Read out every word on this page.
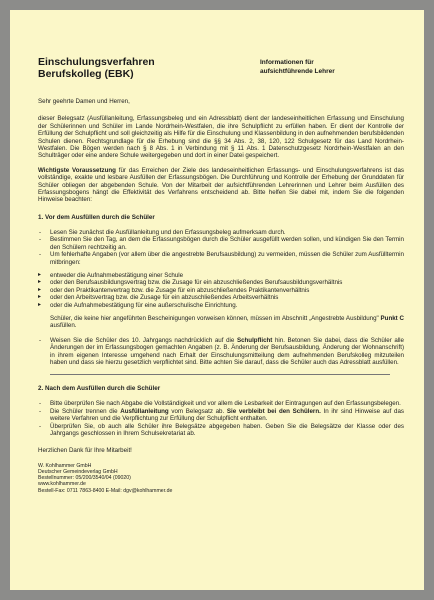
Einschulungsverfahren
Berufskolleg (EBK)
Informationen für
aufsichtführende Lehrer

Sehr geehrte Damen und Herren,

dieser Belegsatz (Ausfüllanleitung, Erfassungsbeleg und ein Adressblatt) dient der landeseinheitlichen Erfassung und Einschulung der Schülerinnen und Schüler im Lande Nordrhein-Westfalen, die ihre Schulpflicht zu erfüllen haben. Er dient der Kontrolle der Erfüllung der Schulpflicht und soll gleichzeitig als Hilfe für die Einschulung und Klassenbildung in den aufnehmenden berufsbildenden Schulen dienen. Rechtsgrundlage für die Erhebung sind die §§ 34 Abs. 2, 38, 120, 122 Schulgesetz für das Land Nordrhein-Westfalen. Die Bögen werden nach § 8 Abs. 1 in Verbindung mit § 11 Abs. 1 Datenschutzgesetz Nordrhein-Westfalen an den Schulträger oder eine andere Schule weitergegeben und dort in einer Datei gespeichert.

Wichtigste Voraussetzung für das Erreichen der Ziele des landeseinheitlichen Erfassungs- und Einschulungsverfahrens ist das vollständige, exakte und lesbare Ausfüllen der Erfassungsbögen. Die Durchführung und Kontrolle der Erhebung der Grunddaten für Schüler obliegen der abgebenden Schule. Von der Mitarbeit der aufsichtführenden Lehrerinnen und Lehrer beim Ausfüllen des Erfassungsbogens hängt die Effektivität des Verfahrens entscheidend ab. Bitte helfen Sie dabei mit, indem Sie die folgenden Hinweise beachten:

1. Vor dem Ausfüllen durch die Schüler
- Lesen Sie zunächst die Ausfüllanleitung und den Erfassungsbeleg aufmerksam durch.
- Bestimmen Sie den Tag, an dem die Erfassungsbögen durch die Schüler ausgefüllt werden sollen, und kündigen Sie den Termin den Schülern rechtzeitig an.
- Um fehlerhafte Angaben (vor allem über die angestrebte Berufsausbildung) zu vermeiden, müssen die Schüler zum Ausfülltermin mitbringen:
▸ entweder die Aufnahmebestätigung einer Schule
▸ oder den Berufsausbildungsvertrag bzw. die Zusage für ein abzuschließendes Berufsausbildungsverhältnis
▸ oder den Praktikantenvertrag bzw. die Zusage für ein abzuschließendes Praktikantenverhältnis
▸ oder den Arbeitsvertrag bzw. die Zusage für ein abzuschließendes Arbeitsverhältnis
▸ oder die Aufnahmebestätigung für eine außerschulische Einrichtung.

Schüler, die keine hier angeführten Bescheinigungen vorweisen können, müssen im Abschnitt „Angestrebte Ausbildung" Punkt C ausfüllen.

- Weisen Sie die Schüler des 10. Jahrgangs nachdrücklich auf die Schulpflicht hin. Betonen Sie dabei, dass die Schüler alle Änderungen der im Erfassungsbogen gemachten Angaben (z. B. Änderung der Berufsausbildung, Änderung der Wohnanschrift) in ihrem eigenen Interesse umgehend nach Erhalt der Einschulungsmitteilung dem aufnehmenden Berufskolleg mitzuteilen haben und dass sie hierzu gesetzlich verpflichtet sind. Bitte achten Sie darauf, dass die Schüler auch das Adressblatt ausfüllen.
2. Nach dem Ausfüllen durch die Schüler
- Bitte überprüfen Sie nach Abgabe die Vollständigkeit und vor allem die Lesbarkeit der Eintragungen auf den Erfassungsbelegen.
- Die Schüler trennen die Ausfüllanleitung vom Belegsatz ab. Sie verbleibt bei den Schülern. In ihr sind Hinweise auf das weitere Verfahren und die Verpflichtung zur Erfüllung der Schulpflicht enthalten.
- Überprüfen Sie, ob auch alle Schüler ihre Belegsätze abgegeben haben. Geben Sie die Belegsätze der Klasse oder des Jahrgangs geschlossen in Ihrem Schulsekretariat ab.

Herzlichen Dank für Ihre Mitarbeit!

W. Kohlhammer GmbH
Deutscher Gemeindeverlag GmbH
Bestellnummer: 05/200/3540/04 (09020)
www.kohlhammer.de
Bestell-Fax: 0711 7863-8400 E-Mail: dgv@kohlhammer.de
